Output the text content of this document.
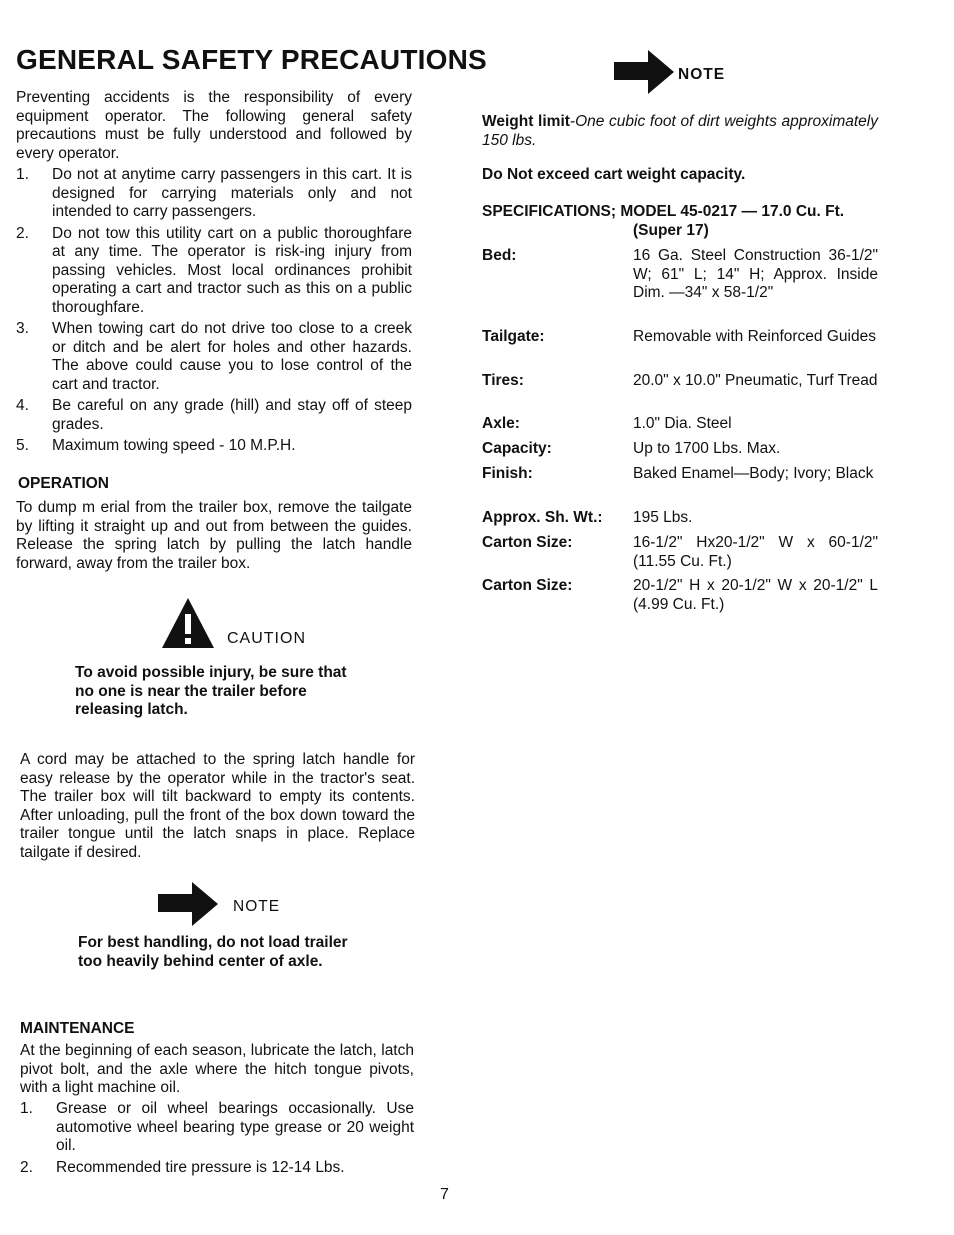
GENERAL SAFETY PRECAUTIONS
Preventing accidents is the responsibility of every equipment operator. The following general safety precautions must be fully understood and followed by every operator.
1.	Do not at anytime carry passengers in this cart. It is designed for carrying materials only and not intended to carry passengers.
2.	Do not tow this utility cart on a public thoroughfare at any time. The operator is risk-ing injury from passing vehicles. Most local ordinances prohibit operating a cart and tractor such as this on a public thoroughfare.
3.	When towing cart do not drive too close to a creek or ditch and be alert for holes and other hazards. The above could cause you to lose control of the cart and tractor.
4.	Be careful on any grade (hill) and stay off of steep grades.
5.	Maximum towing speed - 10 M.P.H.
OPERATION
To dump m erial from the trailer box, remove the tailgate by lifting it straight up and out from between the guides. Release the spring latch by pulling the latch handle forward, away from the trailer box.
CAUTION
To avoid possible injury, be sure that no one is near the trailer before releasing latch.
A cord may be attached to the spring latch handle for easy release by the operator while in the tractor's seat. The trailer box will tilt backward to empty its contents. After unloading, pull the front of the box down toward the trailer tongue until the latch snaps in place. Replace tailgate if desired.
NOTE
For best handling, do not load trailer too heavily behind center of axle.
MAINTENANCE
At the beginning of each season, lubricate the latch, latch pivot bolt, and the axle where the hitch tongue pivots, with a light machine oil.
1.	Grease or oil wheel bearings occasionally. Use automotive wheel bearing type grease or 20 weight oil.
2.	Recommended tire pressure is 12-14 Lbs.
NOTE
Weight limit-One cubic foot of dirt weights approximately 150 lbs.
Do Not exceed cart weight capacity.
SPECIFICATIONS; MODEL 45-0217 — 17.0 Cu. Ft.
(Super 17)
Bed:	16 Ga. Steel Construction 36-1/2" W; 61" L; 14" H; Approx. Inside Dim. —34" x 58-1/2"
Tailgate:	Removable with Reinforced Guides
Tires:	20.0" x 10.0" Pneumatic, Turf Tread
Axle:	1.0" Dia. Steel
Capacity:	Up to 1700 Lbs. Max.
Finish:	Baked Enamel—Body; Ivory; Black
Approx. Sh. Wt.: 195 Lbs.
Carton Size:	16-1/2" Hx20-1/2" W x 60-1/2" (11.55 Cu. Ft.)
Carton Size:	20-1/2" H x 20-1/2" W x 20-1/2" L (4.99 Cu. Ft.)
7
